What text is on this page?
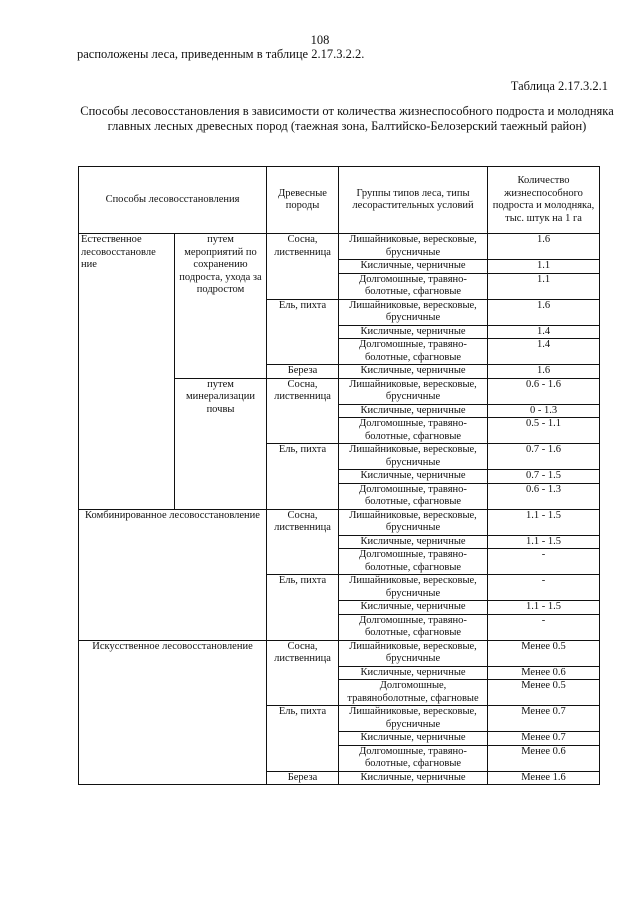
108
расположены леса, приведенным в таблице 2.17.3.2.2.
Таблица 2.17.3.2.1
Способы лесовосстановления в зависимости от количества жизнеспособного подроста и молодняка главных лесных древесных пород (таежная зона, Балтийско-Белозерский таежный район)
Способы лесовосстановления		Древесные породы	Группы типов леса, типы лесорастительных условий	Количество жизнеспособного подроста и молодняка, тыс. штук на 1 га
Естественное лесовосстановле ние	путем мероприятий по сохранению подроста, ухода за подростом	Сосна, лиственница	Лишайниковые, вересковые, брусничные	1.6
			Кисличные, черничные	1.1
			Долгомошные, травяно-болотные, сфагновые	1.1
		Ель, пихта	Лишайниковые, вересковые, брусничные	1.6
			Кисличные, черничные	1.4
			Долгомошные, травяно-болотные, сфагновые	1.4
		Береза	Кисличные, черничные	1.6
	путем минерализации почвы	Сосна, лиственница	Лишайниковые, вересковые, брусничные	0.6 - 1.6
			Кисличные, черничные	0 - 1.3
			Долгомошные, травяно-болотные, сфагновые	0.5 - 1.1
		Ель, пихта	Лишайниковые, вересковые, брусничные	0.7 - 1.6
			Кисличные, черничные	0.7 - 1.5
			Долгомошные, травяно-болотные, сфагновые	0.6 - 1.3
Комбинированное лесовосстановление		Сосна, лиственница	Лишайниковые, вересковые, брусничные	1.1 - 1.5
			Кисличные, черничные	1.1 - 1.5
			Долгомошные, травяно-болотные, сфагновые	-
		Ель, пихта	Лишайниковые, вересковые, брусничные	-
			Кисличные, черничные	1.1 - 1.5
			Долгомошные, травяно-болотные, сфагновые	-
Искусственное лесовосстановление		Сосна, лиственница	Лишайниковые, вересковые, брусничные	Менее 0.5
			Кисличные, черничные	Менее 0.6
			Долгомошные, травяноболотные, сфагновые	Менее 0.5
		Ель, пихта	Лишайниковые, вересковые, брусничные	Менее 0.7
			Кисличные, черничные	Менее 0.7
			Долгомошные, травяно-болотные, сфагновые	Менее 0.6
		Береза	Кисличные, черничные	Менее 1.6
